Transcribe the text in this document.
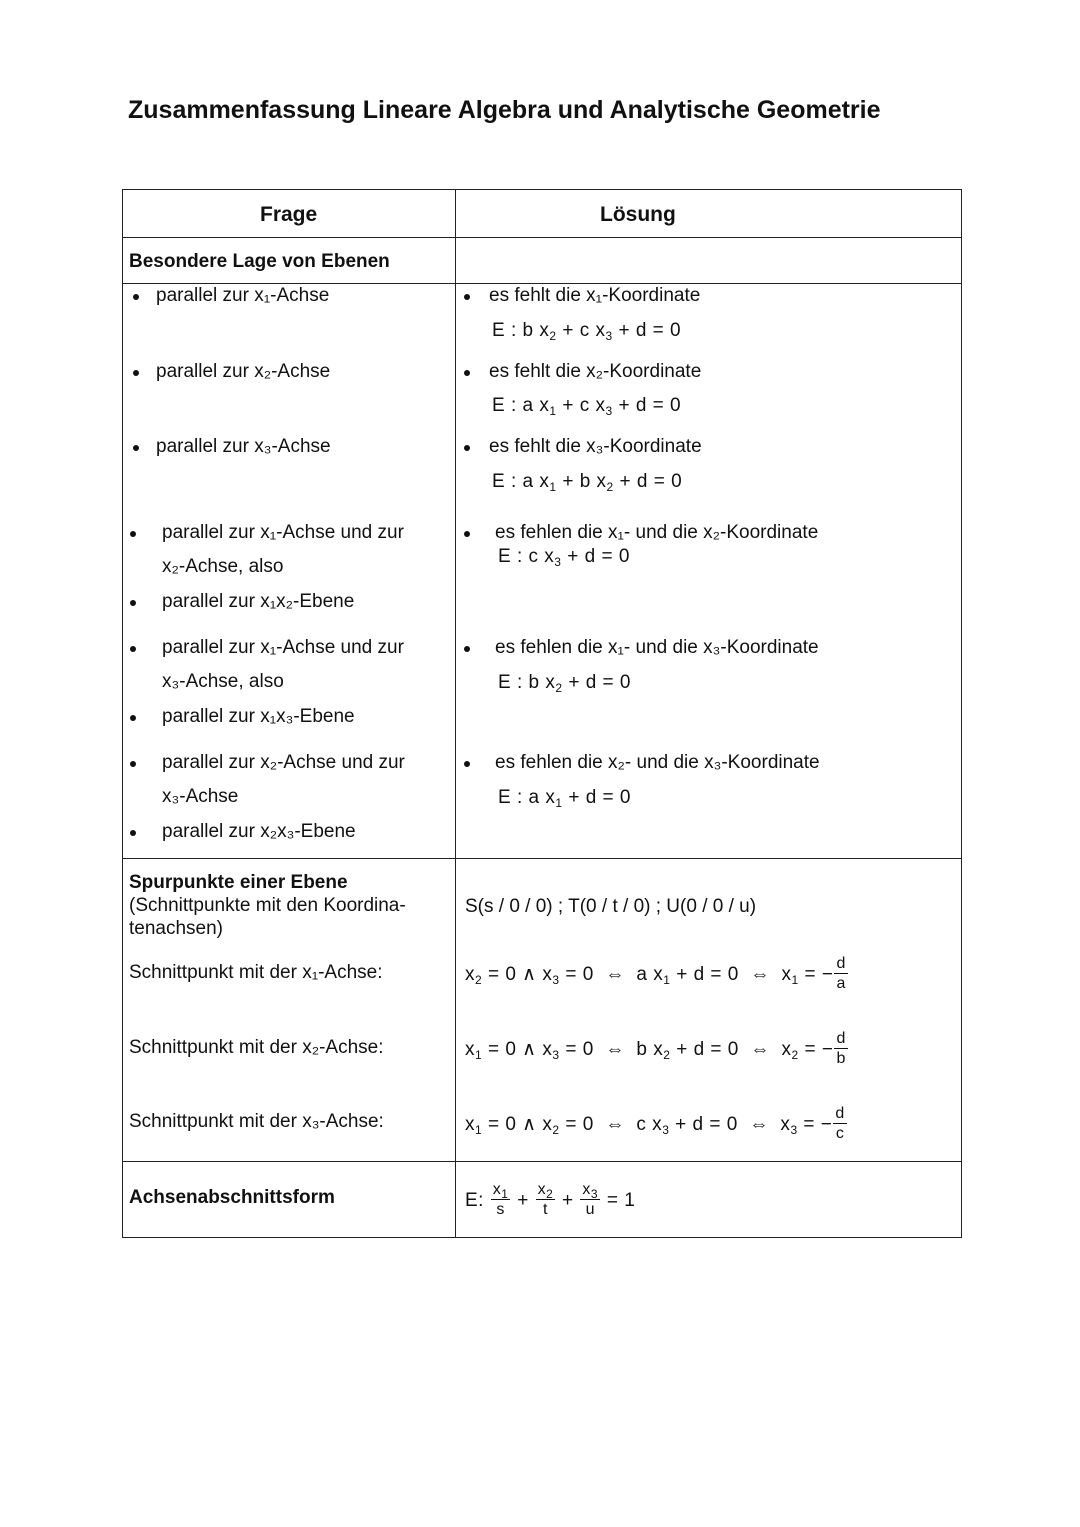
Zusammenfassung Lineare Algebra und Analytische Geometrie
Frage	Lösung
Besondere Lage von Ebenen
parallel zur x₁-Achse
parallel zur x₂-Achse
parallel zur x₃-Achse
parallel zur x₁-Achse und zur
x₂-Achse, also
parallel zur x₁x₂-Ebene
parallel zur x₁-Achse und zur
x₃-Achse, also
parallel zur x₁x₃-Ebene
parallel zur x₂-Achse und zur
x₃-Achse
parallel zur x₂x₃-Ebene
es fehlt die x₁-Koordinate
E : b $x_2 + c$ $x_3 + d = 0$
es fehlt die x₂-Koordinate
E : a $x_1 + c$ $x_3 + d = 0$
es fehlt die x₃-Koordinate
E : a $x_1 + b$ $x_2 + d = 0$
es fehlen die x₁- und die x₂-Koordinate
E : c $x_3 + d = 0$
es fehlen die x₁- und die x₃-Koordinate
E : b $x_2 + d = 0$
es fehlen die x₂- und die x₃-Koordinate
E : a $x_1 + d = 0$
Spurpunkte einer Ebene
(Schnittpunkte mit den Koordina-
tenachsen)
S(s / 0 / 0) ; T(0 / t / 0) ; U(0 / 0 / u)
Schnittpunkt mit der x₁-Achse:
Schnittpunkt mit der x₂-Achse:
Schnittpunkt mit der x₃-Achse:
$x_2 = 0$ ∧ $x_3 = 0$  ⇔  a $x_1 + d = 0$  ⇔  $x_1$ = − $\frac{d}{a}$
$x_1 = 0$ ∧ $x_3 = 0$  ⇔  b $x_2 + d = 0$  ⇔  $x_2$ = − $\frac{d}{b}$
$x_1 = 0$ ∧ $x_2 = 0$  ⇔  c $x_3 + d = 0$  ⇔  $x_3$ = − $\frac{d}{c}$
Achsenabschnittsform	E: $\frac{x_1}{s} + \frac{x_2}{t} + \frac{x_3}{u} = 1$
